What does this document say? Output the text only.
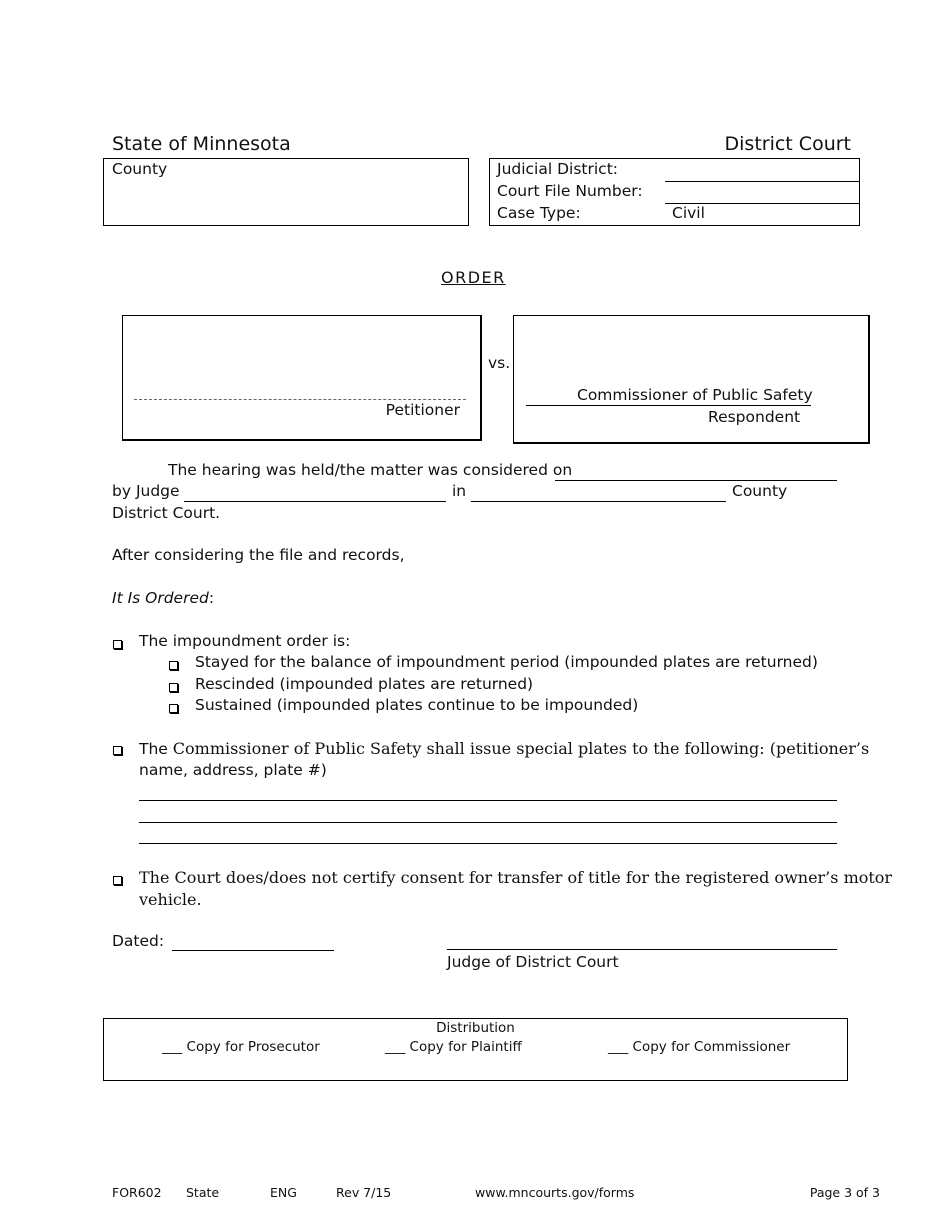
State of Minnesota	District Court
County	Judicial District:
Court File Number:
Case Type:	Civil
ORDER
Petitioner
vs.
Commissioner of Public Safety
Respondent
The hearing was held/the matter was considered on
by Judge	in	County
District Court.
After considering the file and records,
It Is Ordered:
The impoundment order is:
Stayed for the balance of impoundment period (impounded plates are returned)
Rescinded (impounded plates are returned)
Sustained (impounded plates continue to be impounded)
The Commissioner of Public Safety shall issue special plates to the following: (petitioner’s
name, address, plate #)
The Court does/does not certify consent for transfer of title for the registered owner’s motor
vehicle.
Dated:
Judge of District Court
Distribution
___ Copy for Prosecutor	___ Copy for Plaintiff	___ Copy for Commissioner
FOR602 State	ENG	Rev 7/15	www.mncourts.gov/forms	Page 3 of 3
